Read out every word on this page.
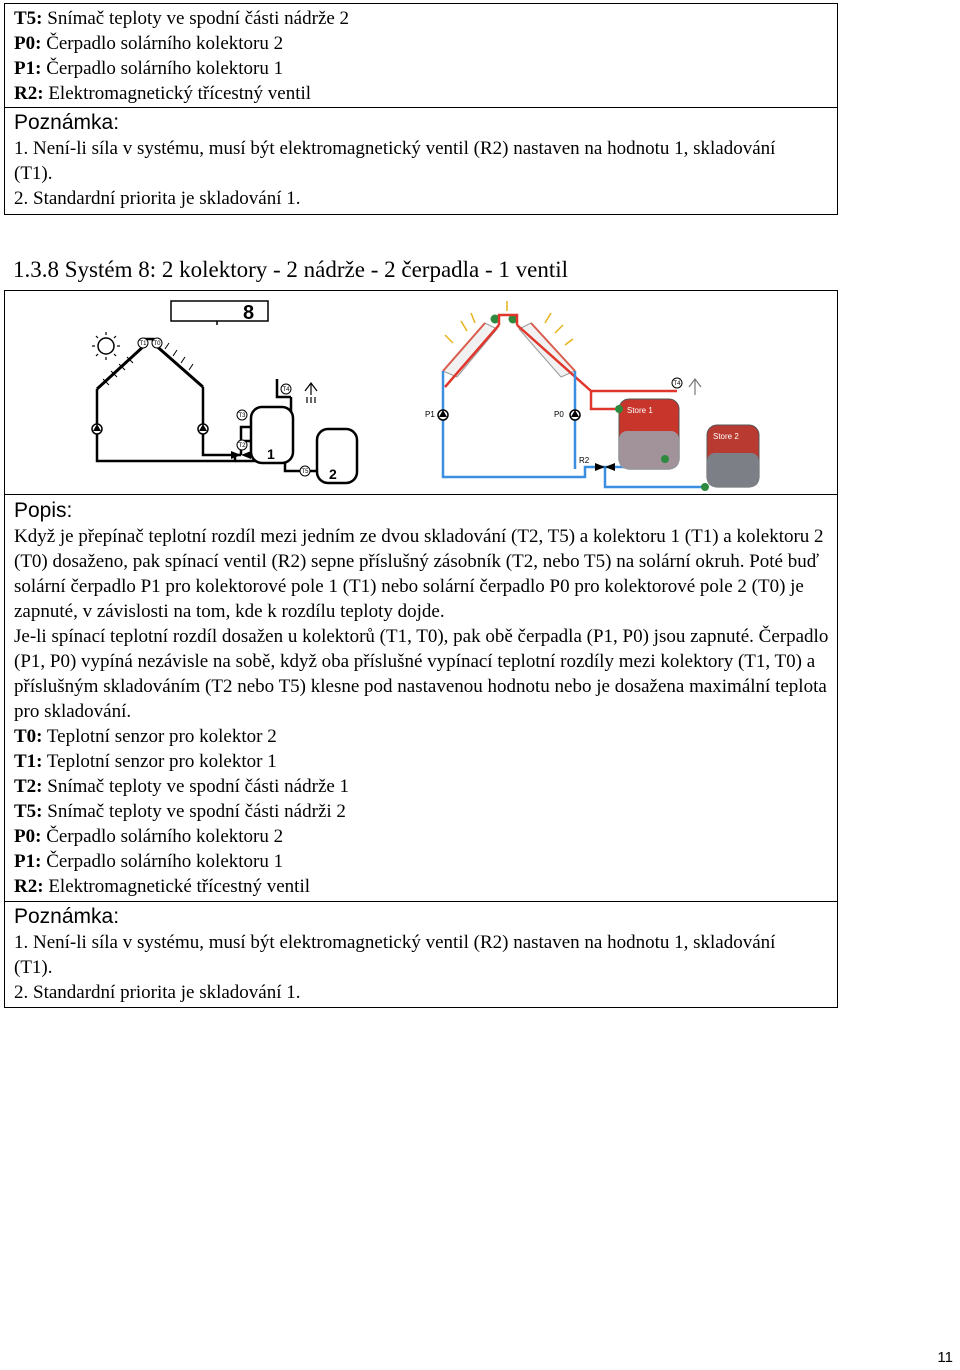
T5: Snímač teploty ve spodní části nádrže 2
P0: Čerpadlo solárního kolektoru 2
P1: Čerpadlo solárního kolektoru 1
R2: Elektromagnetický třícestný ventil
Poznámka:
1. Není-li síla v systému, musí být elektromagnetický ventil (R2) nastaven na hodnotu 1, skladování (T1).
2. Standardní priorita je skladování 1.
1.3.8 Systém 8: 2 kolektory - 2 nádrže - 2 čerpadla - 1 ventil
8
1
2
T1 T0
T4
T3
T2
T5
P1	P0
R2
Store 1
Store 2
T4
Popis:
Když je přepínač teplotní rozdíl mezi jedním ze dvou skladování (T2, T5) a kolektoru 1 (T1) a kolektoru 2 (T0) dosaženo, pak spínací ventil (R2) sepne příslušný zásobník (T2, nebo T5) na solární okruh. Poté buď solární čerpadlo P1 pro kolektorové pole 1 (T1) nebo solární čerpadlo P0 pro kolektorové pole 2 (T0) je zapnuté, v závislosti na tom, kde k rozdílu teploty dojde.
Je-li spínací teplotní rozdíl dosažen u kolektorů (T1, T0), pak obě čerpadla (P1, P0) jsou zapnuté. Čerpadlo (P1, P0) vypíná nezávisle na sobě, když oba příslušné vypínací teplotní rozdíly mezi kolektory (T1, T0) a příslušným skladováním (T2 nebo T5) klesne pod nastavenou hodnotu nebo je dosažena maximální teplota pro skladování.
T0: Teplotní senzor pro kolektor 2
T1: Teplotní senzor pro kolektor 1
T2: Snímač teploty ve spodní části nádrže 1
T5: Snímač teploty ve spodní části nádrži 2
P0: Čerpadlo solárního kolektoru 2
P1: Čerpadlo solárního kolektoru 1
R2: Elektromagnetické třícestný ventil
Poznámka:
1. Není-li síla v systému, musí být elektromagnetický ventil (R2) nastaven na hodnotu 1, skladování (T1).
2. Standardní priorita je skladování 1.
11
